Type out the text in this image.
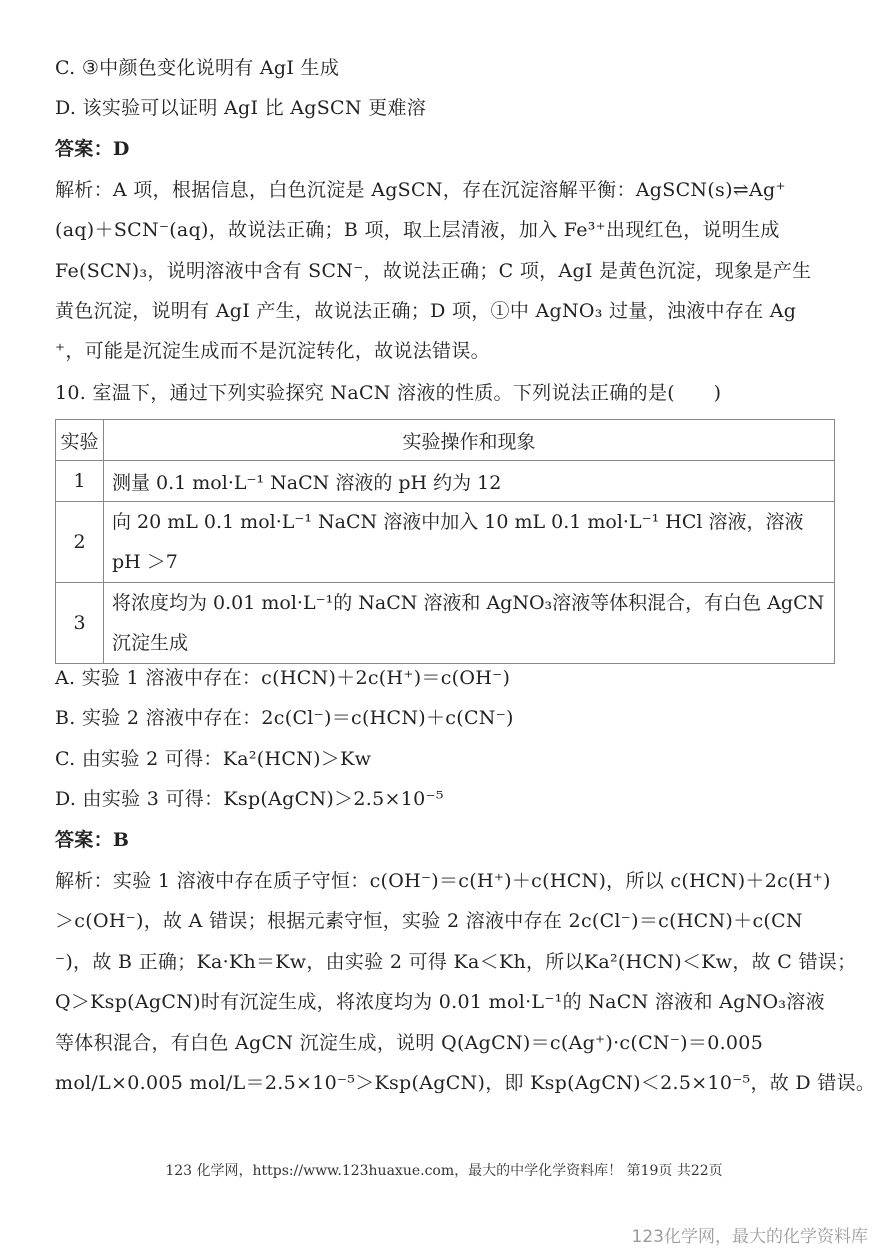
C. ③中颜色变化说明有 AgI 生成
D. 该实验可以证明 AgI 比 AgSCN 更难溶
答案：D
解析：A 项，根据信息，白色沉淀是 AgSCN，存在沉淀溶解平衡：AgSCN(s)⇌Ag⁺
(aq)＋SCN⁻(aq)，故说法正确；B 项，取上层清液，加入 Fe³⁺出现红色，说明生成
Fe(SCN)₃，说明溶液中含有 SCN⁻，故说法正确；C 项，AgI 是黄色沉淀，现象是产生
黄色沉淀，说明有 AgI 产生，故说法正确；D 项，①中 AgNO₃ 过量，浊液中存在 Ag
⁺，可能是沉淀生成而不是沉淀转化，故说法错误。
10. 室温下，通过下列实验探究 NaCN 溶液的性质。下列说法正确的是(　　)
实验	实验操作和现象
1	测量 0.1 mol·L⁻¹ NaCN 溶液的 pH 约为 12
2	向 20 mL 0.1 mol·L⁻¹ NaCN 溶液中加入 10 mL 0.1 mol·L⁻¹ HCl 溶液，溶液 pH ＞7
3	将浓度均为 0.01 mol·L⁻¹的 NaCN 溶液和 AgNO₃溶液等体积混合，有白色 AgCN 沉淀生成
A. 实验 1 溶液中存在：c(HCN)＋2c(H⁺)＝c(OH⁻)
B. 实验 2 溶液中存在：2c(Cl⁻)＝c(HCN)＋c(CN⁻)
C. 由实验 2 可得：Ka²(HCN)＞Kw
D. 由实验 3 可得：Ksp(AgCN)＞2.5×10⁻⁵
答案：B
解析：实验 1 溶液中存在质子守恒：c(OH⁻)＝c(H⁺)＋c(HCN)，所以 c(HCN)＋2c(H⁺)
＞c(OH⁻)，故 A 错误；根据元素守恒，实验 2 溶液中存在 2c(Cl⁻)＝c(HCN)＋c(CN
⁻)，故 B 正确；Ka·Kh＝Kw，由实验 2 可得 Ka＜Kh，所以Ka²(HCN)＜Kw，故 C 错误；
Q＞Ksp(AgCN)时有沉淀生成，将浓度均为 0.01 mol·L⁻¹的 NaCN 溶液和 AgNO₃溶液
等体积混合，有白色 AgCN 沉淀生成，说明 Q(AgCN)＝c(Ag⁺)·c(CN⁻)＝0.005
mol/L×0.005 mol/L＝2.5×10⁻⁵＞Ksp(AgCN)，即 Ksp(AgCN)＜2.5×10⁻⁵，故 D 错误。
123 化学网，https://www.123huaxue.com，最大的中学化学资料库！ 第19页 共22页
123化学网，最大的化学资料库
